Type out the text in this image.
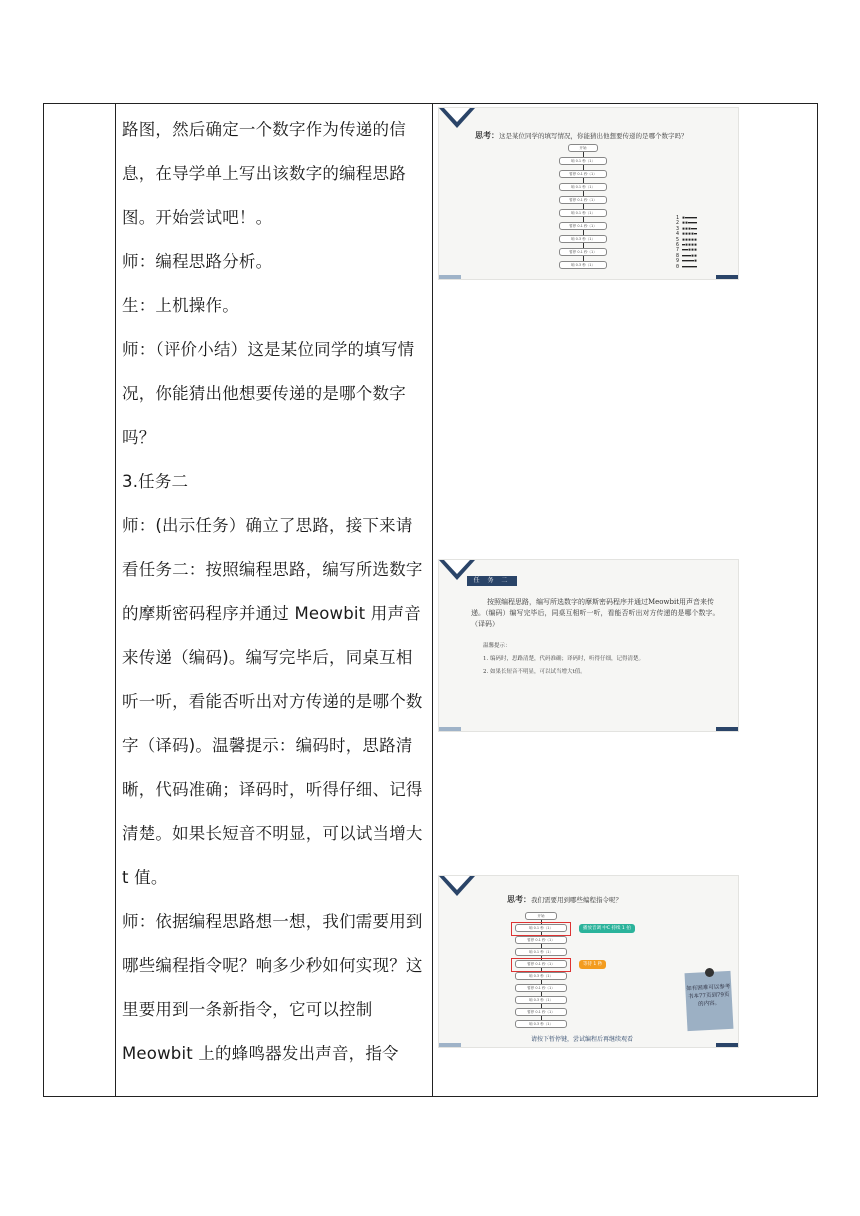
路图，然后确定一个数字作为传递的信息，在导学单上写出该数字的编程思路图。开始尝试吧！。

师：编程思路分析。

生：上机操作。

师：（评价小结）这是某位同学的填写情况，你能猜出他想要传递的是哪个数字吗？

3.任务二

师：(出示任务）确立了思路，接下来请看任务二：按照编程思路，编写所选数字的摩斯密码程序并通过 Meowbit 用声音来传递（编码)。编写完毕后，同桌互相听一听，看能否听出对方传递的是哪个数字（译码)。温馨提示：编码时，思路清晰，代码准确；译码时，听得仔细、记得清楚。如果长短音不明显，可以试当增大 t 值。

师：依据编程思路想一想，我们需要用到哪些编程指令呢？响多少秒如何实现？这里要用到一条新指令，它可以控制 Meowbit 上的蜂鸣器发出声音，指令

思考：这是某位同学的填写情况，你能猜出他想要传递的是哪个数字吗？
开始
响 0.1 秒（1）
暂停 0.1 秒（1）
响 0.1 秒（1）
暂停 0.1 秒（1）
响 0.1 秒（1）
暂停 0.1 秒（1）
响 0.3 秒（1）
暂停 0.1 秒（1）
响 0.3 秒（1）
1 ▪▬▬▬▬
2 ▪▪▬▬▬
3 ▪▪▪▬▬
4 ▪▪▪▪▬
5 ▪▪▪▪▪
6 ▬▪▪▪▪
7 ▬▬▪▪▪
8 ▬▬▬▪▪
9 ▬▬▬▬▪
0 ▬▬▬▬▬
任 务 二
按照编程思路，编写所选数字的摩斯密码程序并通过Meowbit用声音来传递。（编码）编写完毕后，同桌互相听一听，看能否听出对方传递的是哪个数字。（译码）
温馨提示：
1. 编码时，思路清楚，代码准确；译码时，听得仔细，记得清楚。
2. 如果长短音不明显，可以试当增大t值。
思考：我们需要用到哪些编程指令呢？
开始
响 0.1 秒（1）
暂停 0.1 秒（1）
响 0.1 秒（1）
暂停 0.1 秒（1）
响 0.3 秒（1）
暂停 0.1 秒（1）
响 0.3 秒（1）
暂停 0.1 秒（1）
响 0.3 秒（1）
播放音调 中C 持续 1 拍
等待 1 秒
如有困难可以参考书本77页到79页的内容。
请按下暂停键，尝试编程后再继续观看
